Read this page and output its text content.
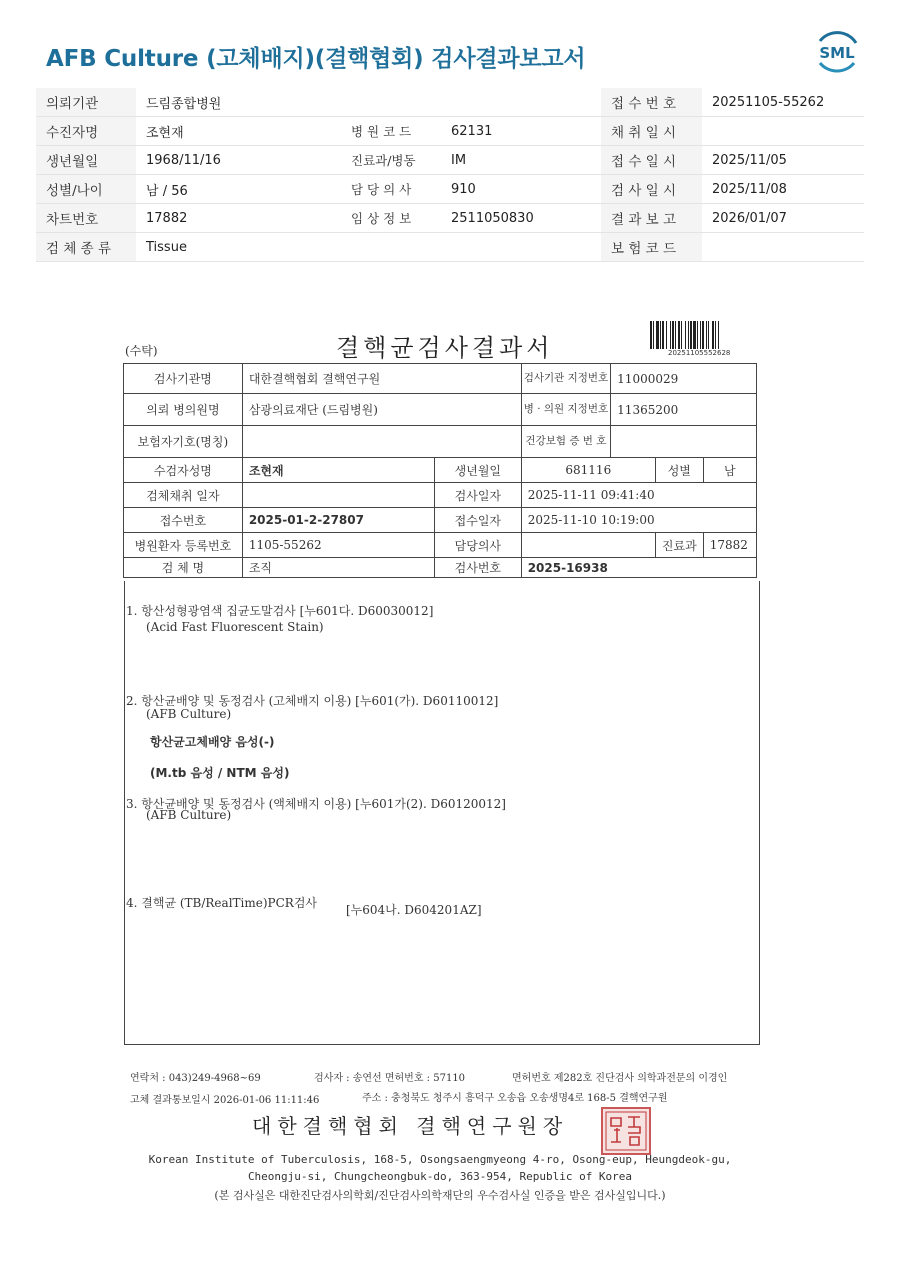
AFB Culture (고체배지)(결핵협회) 검사결과보고서	SML
의뢰기관	드림종합병원			접 수 번 호	20251105-55262
수진자명	조현재	병 원 코 드	62131	채 취 일 시	
생년월일	1968/11/16	진료과/병동	IM	접 수 일 시	2025/11/05
성별/나이	남 / 56	담 당 의 사	910	검 사 일 시	2025/11/08
차트번호	17882	임 상 정 보	2511050830	결 과 보 고	2026/01/07
검 체 종 류	Tissue			보 험 코 드	
(수탁)	결핵균검사결과서	20251105552628
검사기관명	대한결핵협회 결핵연구원		검사기관 지정번호	11000029		
의뢰 병의원명	삼광의료재단 (드림병원)		병 · 의원 지정번호	11365200		
보험자기호(명칭)			건강보험 증 번 호			
수검자성명	조현재	생년월일	681116		성별	남
검체채취 일자		검사일자	2025-11-11 09:41:40			
접수번호	2025-01-2-27807	접수일자	2025-11-10 10:19:00			
병원환자 등록번호	1105-55262	담당의사			진료과	17882
검 체 명	조직	검사번호	2025-16938			
1. 항산성형광염색 집균도말검사 [누601다. D60030012]
(Acid Fast Fluorescent Stain)
2. 항산균배양 및 동정검사 (고체배지 이용) [누601(가). D60110012]
(AFB Culture)
항산균고체배양 음성(-)
(M.tb 음성 / NTM 음성)
3. 항산균배양 및 동정검사 (액체배지 이용) [누601가(2). D60120012]
(AFB Culture)
4. 결핵균 (TB/RealTime)PCR검사 [누604나. D604201AZ]
연락처 : 043)249-4968~69	검사자 : 송연선 면허번호 : 57110	면허번호 제282호 진단검사 의학과전문의 이경인
고체 결과통보일시 2026-01-06 11:11:46	주소 : 충청북도 청주시 흥덕구 오송읍 오송생명4로 168-5 결핵연구원
대한결핵협회 결핵연구원장
Korean Institute of Tuberculosis, 168-5, Osongsaengmyeong 4-ro, Osong-eup, Heungdeok-gu,
Cheongju-si, Chungcheongbuk-do, 363-954, Republic of Korea
(본 검사실은 대한진단검사의학회/진단검사의학재단의 우수검사실 인증을 받은 검사실입니다.)
